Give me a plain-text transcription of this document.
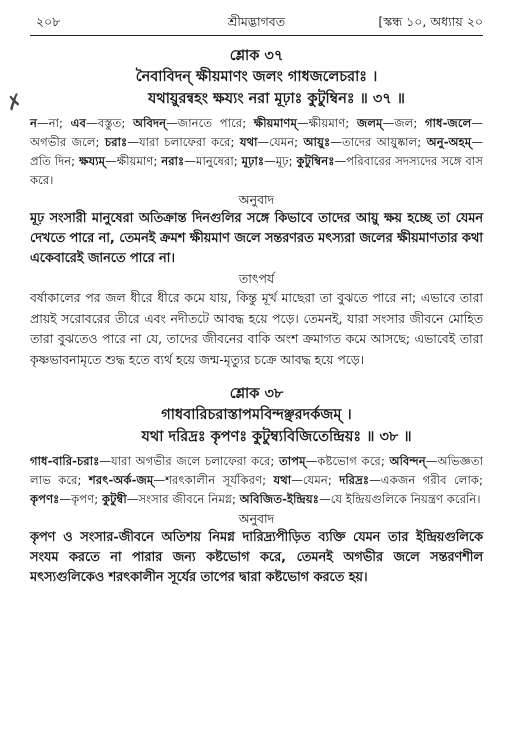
২০৮	শ্রীমদ্ভাগবত	[স্কন্ধ ১০, অধ্যায় ২০
✗
শ্লোক ৩৭
নৈবাবিদন্ ক্ষীয়মাণং জলং গাধজলেচরাঃ ।
যথায়ুরন্বহং ক্ষয্যং নরা মূঢ়াঃ কুটুম্বিনঃ ॥ ৩৭ ॥
ন—না; এব—বস্তুত; অবিদন্—জানতে পারে; ক্ষীয়মাণম্—ক্ষীয়মাণ; জলম্—জল; গাধ-জলে—অগভীর জলে; চরাঃ—যারা চলাফেরা করে; যথা—যেমন; আয়ুঃ—তাদের আয়ুষ্কাল; অনু-অহম্—প্রতি দিন; ক্ষয্যম্—ক্ষীয়মাণ; নরাঃ—মানুষেরা; মূঢ়াঃ—মূঢ়; কুটুম্বিনঃ—পরিবারের সদস্যদের সঙ্গে বাস করে।
অনুবাদ
মূঢ় সংসারী মানুষেরা অতিক্রান্ত দিনগুলির সঙ্গে কিভাবে তাদের আয়ু ক্ষয় হচ্ছে তা যেমন দেখতে পারে না, তেমনই ক্রমশ ক্ষীয়মাণ জলে সন্তরণরত মৎস্যরা জলের ক্ষীয়মাণতার কথা একেবারেই জানতে পারে না।
তাৎপর্য
বর্ষাকালের পর জল ধীরে ধীরে কমে যায়, কিন্তু মূর্খ মাছেরা তা বুঝতে পারে না; এভাবে তারা প্রায়ই সরোবরের তীরে এবং নদীতটে আবদ্ধ হয়ে পড়ে। তেমনই, যারা সংসার জীবনে মোহিত তারা বুঝতেও পারে না যে, তাদের জীবনের বাকি অংশ ক্রমাগত কমে আসছে; এভাবেই তারা কৃষ্ণভাবনামৃতে শুদ্ধ হতে ব্যর্থ হয়ে জন্ম-মৃত্যুর চক্রে আবদ্ধ হয়ে পড়ে।
শ্লোক ৩৮
গাধবারিচরাস্তাপমবিন্দঞ্ছরদর্কজম্ ।
যথা দরিদ্রঃ কৃপণঃ কুটুম্ব্যবিজিতেন্দ্রিয়ঃ ॥ ৩৮ ॥
গাধ-বারি-চরাঃ—যারা অগভীর জলে চলাফেরা করে; তাপম্—কষ্টভোগ করে; অবিন্দন্—অভিজ্ঞতা লাভ করে; শরৎ-অর্ক-জম্—শরৎকালীন সূর্যকিরণ; যথা—যেমন; দরিদ্রঃ—একজন গরীব লোক; কৃপণঃ—কৃপণ; কুটুম্বী—সংসার জীবনে নিমগ্ন; অবিজিত-ইন্দ্রিয়ঃ—যে ইন্দ্রিয়গুলিকে নিয়ন্ত্রণ করেনি।
অনুবাদ
কৃপণ ও সংসার-জীবনে অতিশয় নিমগ্ন দারিদ্র্যপীড়িত ব্যক্তি যেমন তার ইন্দ্রিয়গুলিকে সংযম করতে না পারার জন্য কষ্টভোগ করে, তেমনই অগভীর জলে সন্তরণশীল মৎস্যগুলিকেও শরৎকালীন সূর্যের তাপের দ্বারা কষ্টভোগ করতে হয়।
